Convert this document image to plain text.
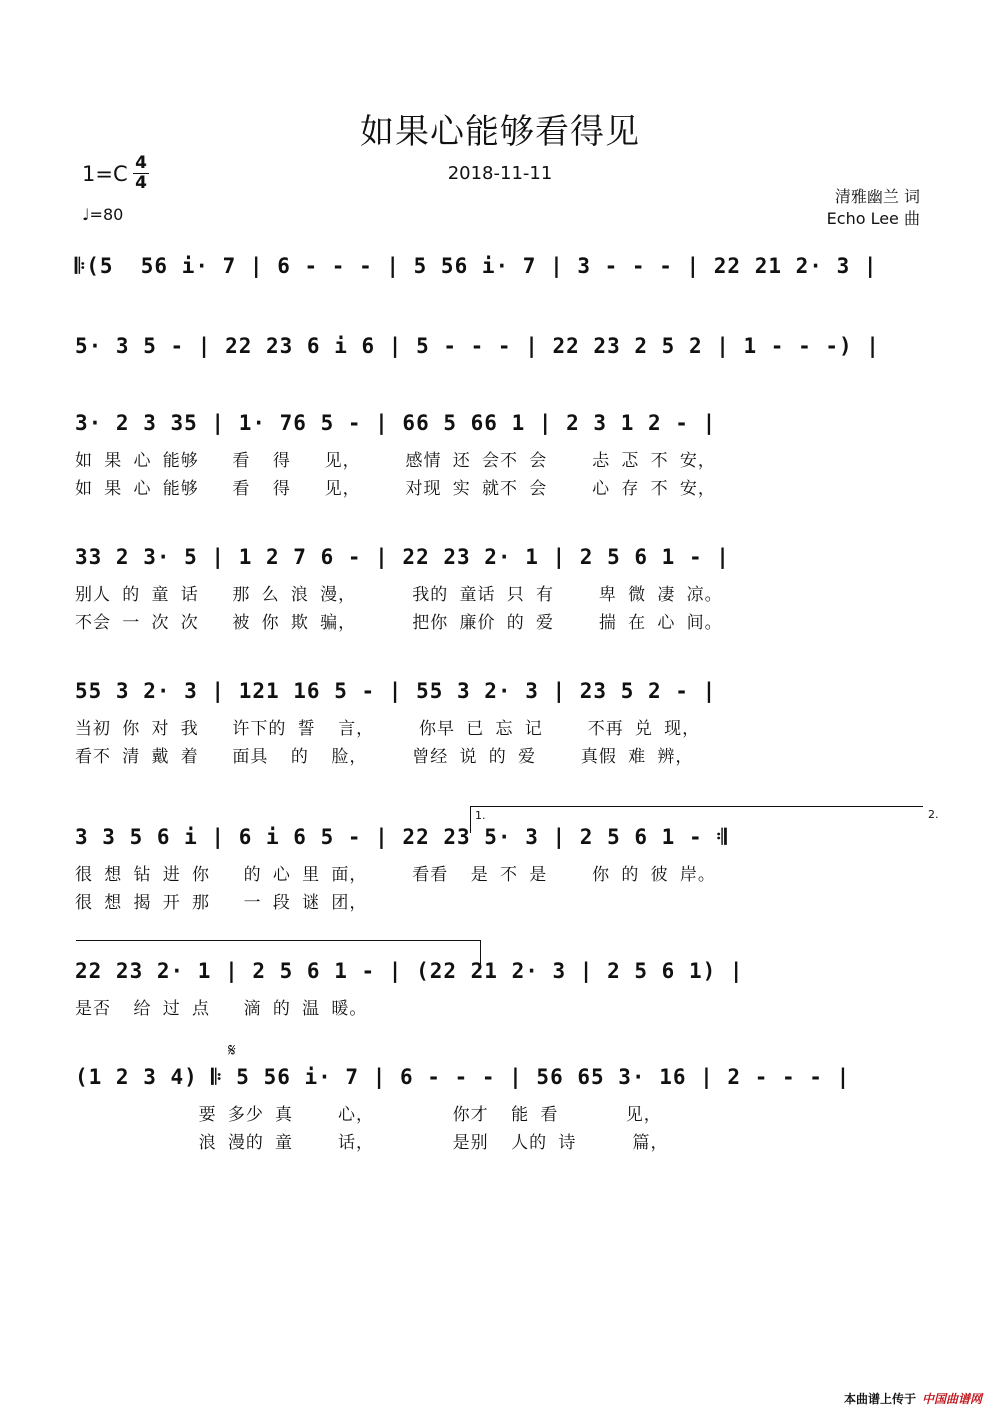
如果心能够看得见
2018-11-11
1=C 4
4
♩=80
清雅幽兰 词
Echo Lee 曲
𝄆(5  56 i· 7 | 6 - - - | 5 56 i· 7 | 3 - - - | 22 21 2· 3 |
5· 3 5 - | 22 23 6 i 6 | 5 - - - | 22 23 2 5 2 | 1 - - -) |
3· 2 3 35 | 1· 76 5 - | 66 5 66 1 | 2 3 1 2 - |
如 果 心 能够   看  得   见，    感情 还 会不 会    忐 忑 不 安，
如 果 心 能够   看  得   见，    对现 实 就不 会    心 存 不 安，
33 2 3· 5 | 1 2 7 6 - | 22 23 2· 1 | 2 5 6 1 - |
别人 的 童 话   那 么 浪 漫，     我的 童话 只 有    卑 微 凄 凉。
不会 一 次 次   被 你 欺 骗，     把你 廉价 的 爱    揣 在 心 间。
55 3 2· 3 | 121 16 5 - | 55 3 2· 3 | 23 5 2 - |
当初 你 对 我   许下的 誓  言，    你早 已 忘 记    不再 兑 现，
看不 清 戴 着   面具  的  脸，    曾经 说 的 爱    真假 难 辨，
1.	2.
3 3 5 6 i | 6 i 6 5 - | 22 23 5· 3 | 2 5 6 1 - 𝄇
很 想 钻 进 你   的 心 里 面，    看看  是 不 是    你 的 彼 岸。
很 想 揭 开 那   一 段 谜 团，
22 23 2· 1 | 2 5 6 1 - | (22 21 2· 3 | 2 5 6 1) |
是否  给 过 点   滴 的 温 暖。
𝄋
(1 2 3 4) 𝄆 5 56 i· 7 | 6 - - - | 56 65 3· 16 | 2 - - - |
要 多少 真    心，       你才  能 看      见，
浪 漫的 童    话，       是别  人的 诗     篇，
本曲谱上传于 中国曲谱网
